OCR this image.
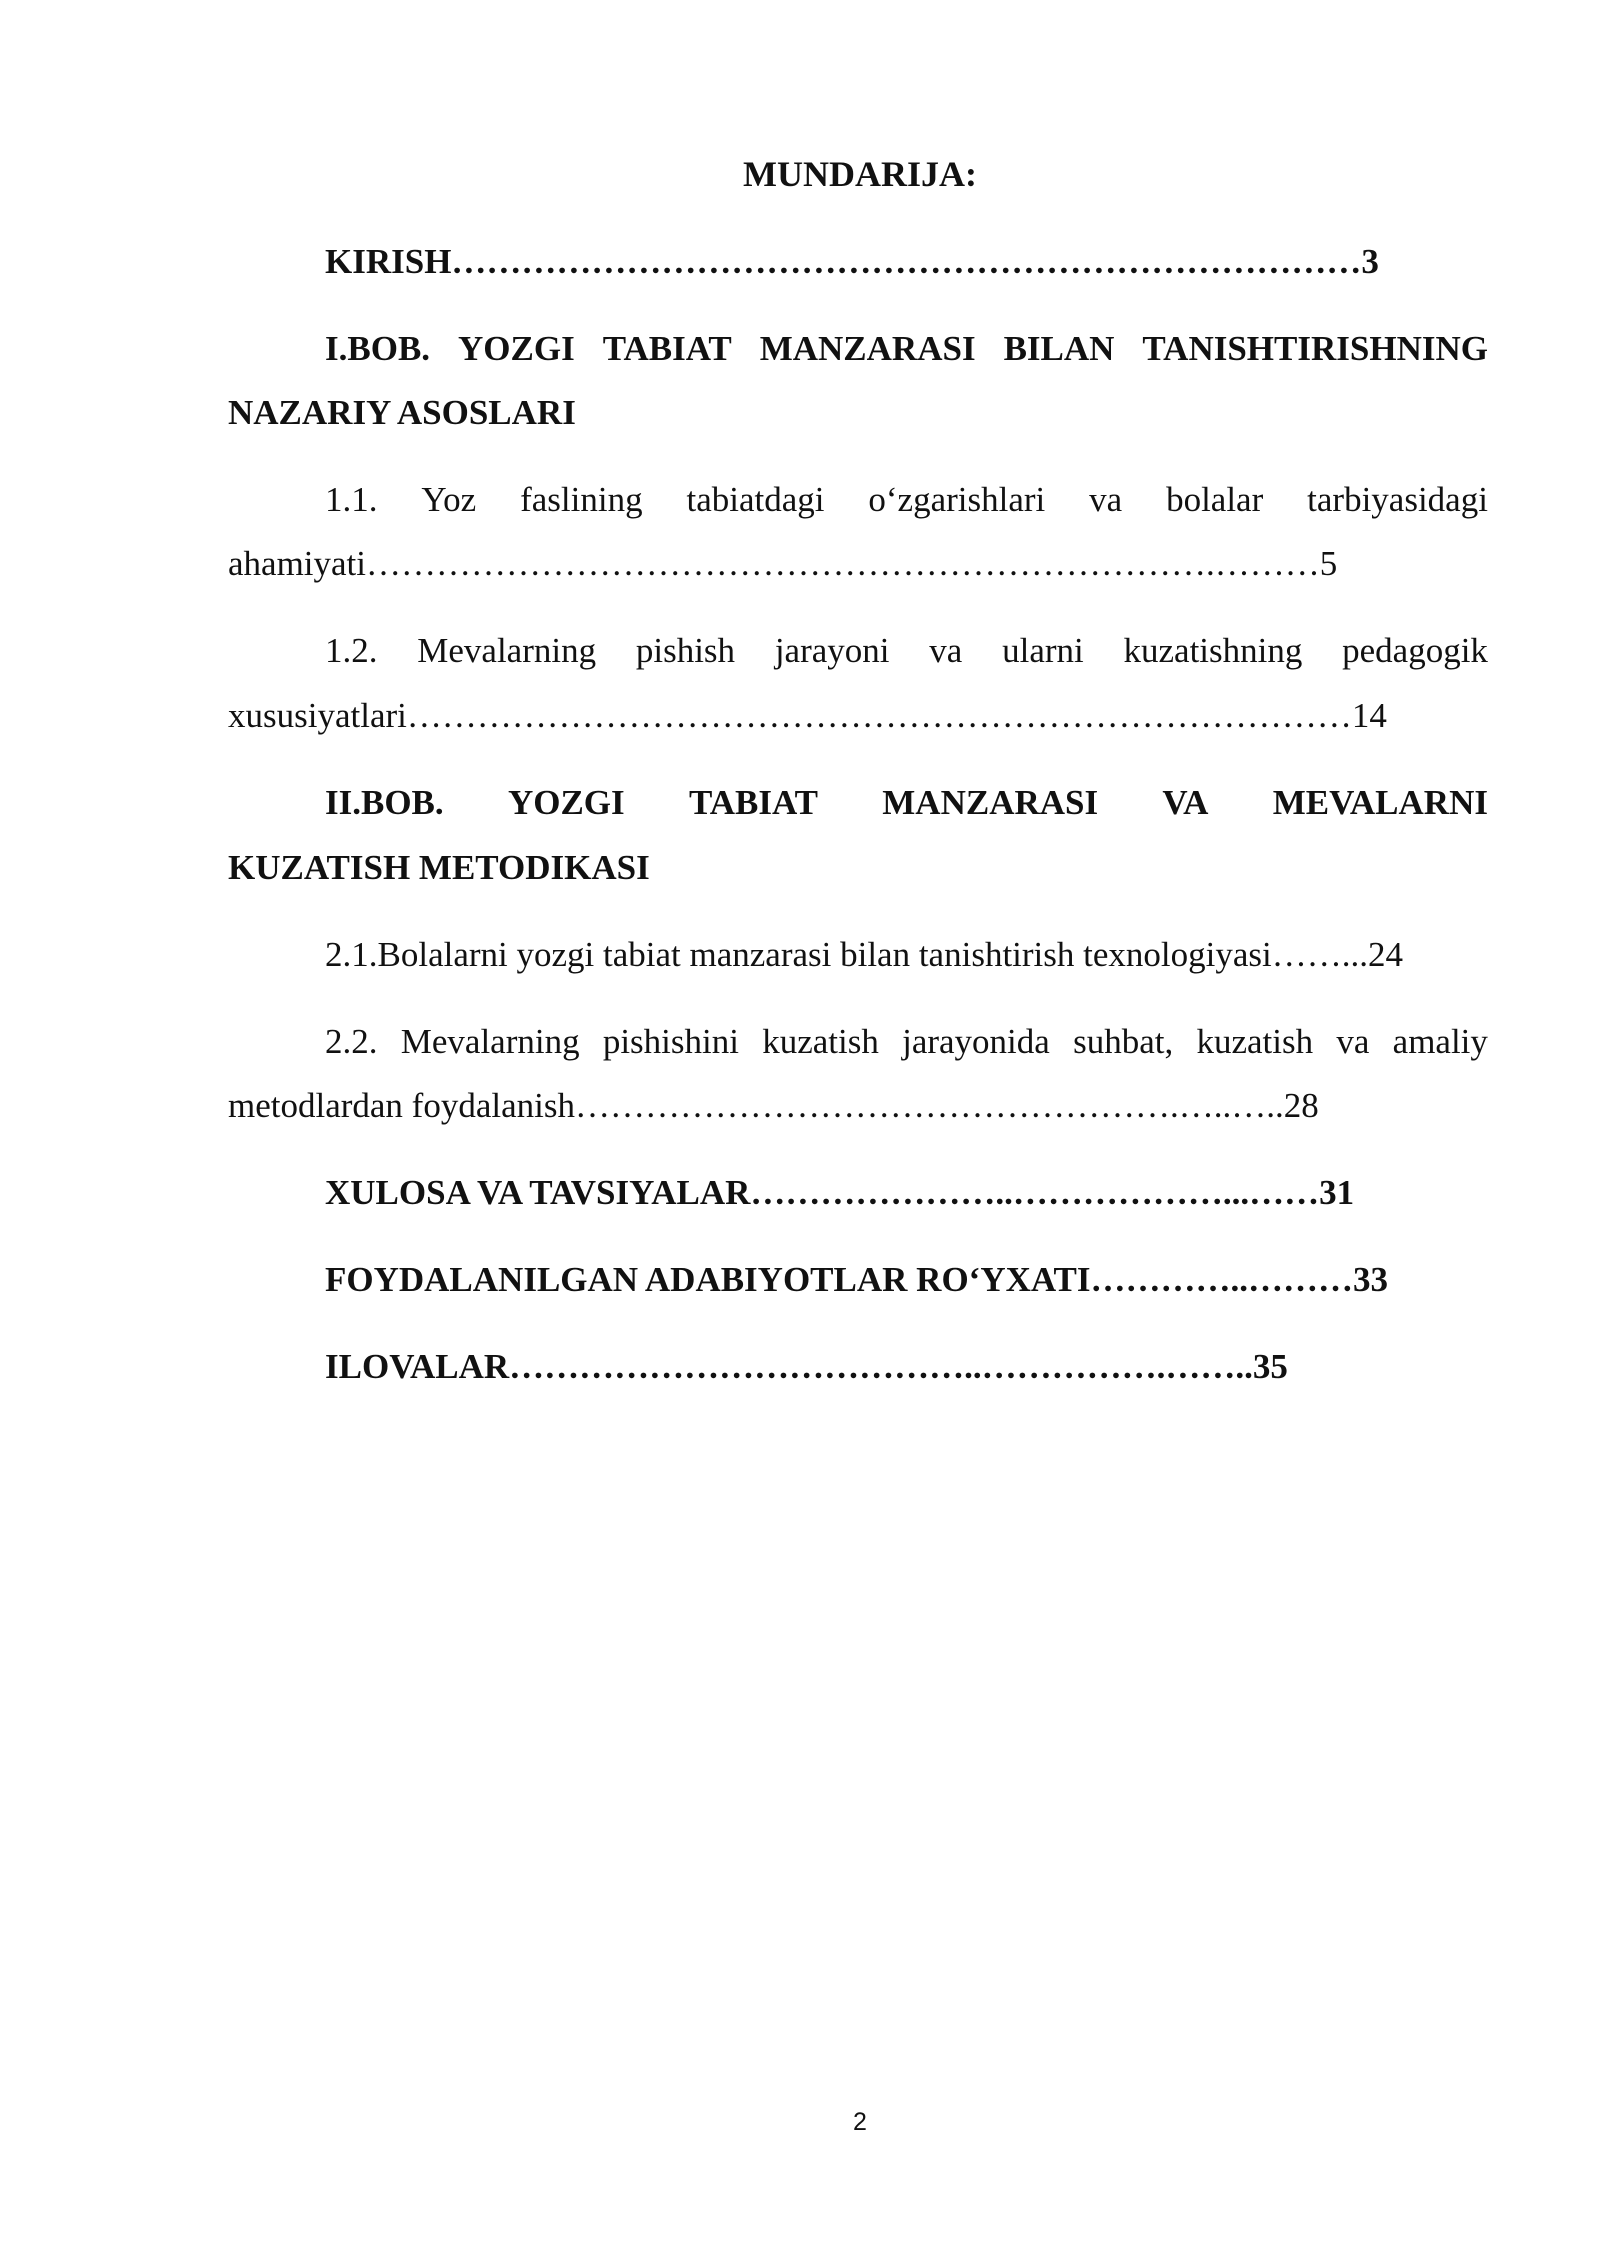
MUNDARIJA:
KIRISH……………………………………………………………………3
I.BOB. YOZGI TABIAT MANZARASI BILAN TANISHTIRISHNING
NAZARIY ASOSLARI
1.1. Yoz faslining tabiatdagi o‘zgarishlari va bolalar tarbiyasidagi
ahamiyati……………………………………………………………….………5
1.2. Mevalarning pishish jarayoni va ularni kuzatishning pedagogik
xususiyatlari………………………………………………………………………14
II.BOB. YOZGI TABIAT MANZARASI VA MEVALARNI
KUZATISH METODIKASI
2.1.Bolalarni yozgi tabiat manzarasi bilan tanishtirish texnologiyasi……...24
2.2. Mevalarning pishishini kuzatish jarayonida suhbat, kuzatish va amaliy
metodlardan foydalanish…………………………………………….…..…..28
XULOSA VA TAVSIYALAR…………………..………………...……31
FOYDALANILGAN ADABIYOTLAR RO‘YXATI…………..………33
ILOVALAR…………………………………..…………….……..35
2
